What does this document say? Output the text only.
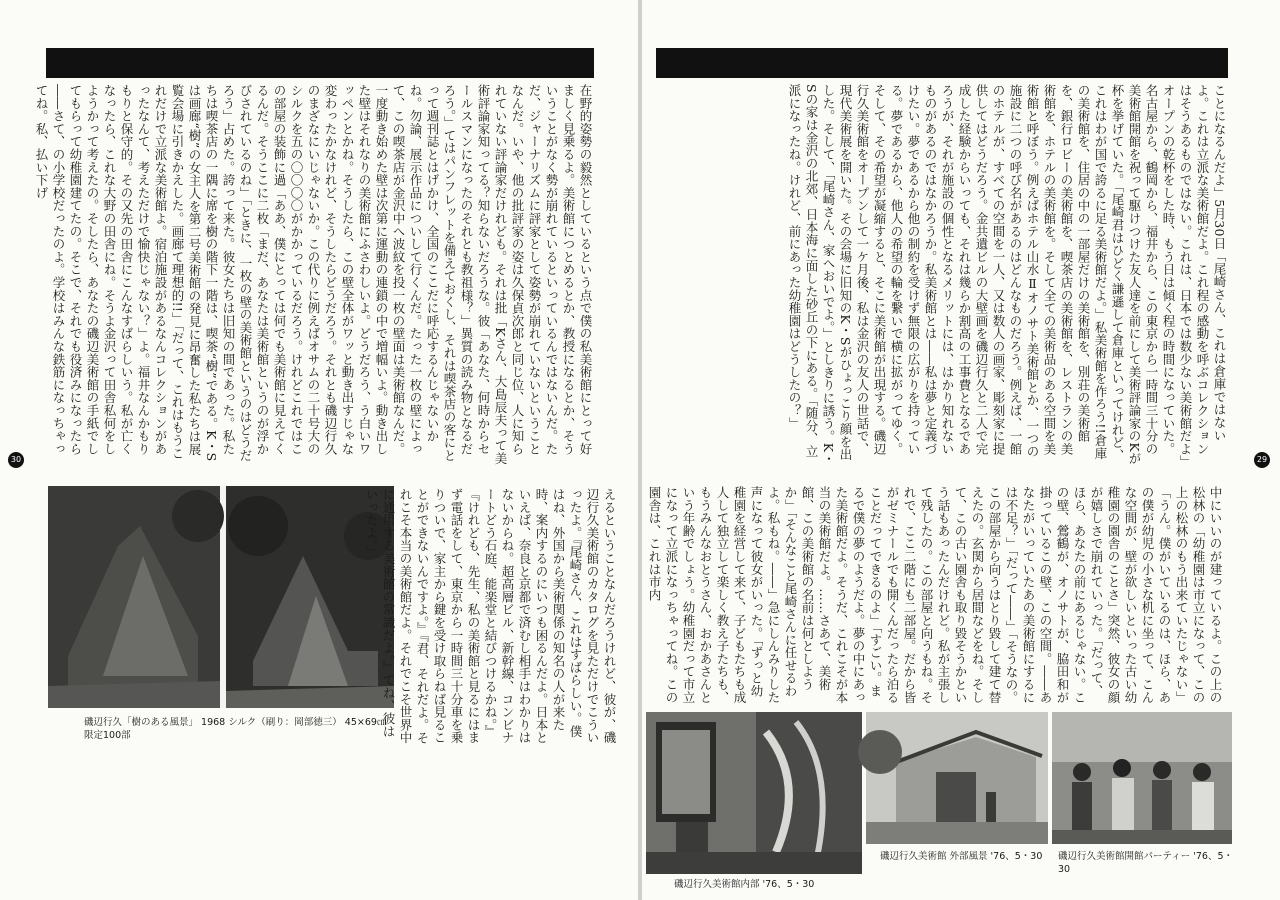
在野的姿勢の毅然としているという点で僕の私美術館にとって好ましく見乗るよ。美術館につとめるとか、教授になるとか、そういうことがなく勢が崩れているといっているんではないんだ。ただ、ジャーナリズムに評家として姿勢が崩れていないということなんだ。いや、他の批評家の姿は久保貞次郎と同じ位、人に知られていない評論家だけれども。それは批「Kさん、大島辰夫って美術評論家知ってる？知らないだろうな。彼「あなた、何時からセールスマンになったのそれとも教祖様？」異質の読み物となるだろう。」てはパンフレットを備えておくし、それは喫茶店の客にとって週刊誌とはげかけ、全国のここだに呼応するんじゃないかね。勿論、展示作品についして行くんだ。たった一枚の壁によって、この喫茶店が金沢中へ波紋を投一枚の壁面は美術館なんだ。一度動き始めた壁は次第に運動の連鎖の中で増幅いよ。動き出した壁はそれなりの美術館にふさわしいよ。どうだろう、う白いワッペンとかね。そうしたら、この壁全体がワッと動き出すじゃな変わったかなけれど、そうしたらどうだろう。それとも磯辺行久のまざなにいじゃないか。この代りに例えばオサムの二十号大のシルクを五の〇〇〇〇がかかっているだろう。けれどこれではこの部屋の装飾に過「ああ、僕にとっては何でも美術館に見えてくるんだ。そうここに二枚「まだ、あなたは美術館というのが浮かびされているのね」「ときに、一枚の壁の美術館というのはどうだろう」占めた。誇って来た。彼女たちは旧知の間であった。私たちは喫茶店の一隅に席を樹の階下一階は、喫茶“樹”である。K・Sは画廊“樹”の女主人を第二号美術館の発見に昂奮した私たちは展覧会場に引きかえした。画廊て理想的!!」「だって、これはもうこれだけで立派な美術館よ。宿泊施設があるなんコレクションがあったなんて、考えただけで愉快じゃない？」よ。福井なんかもりもりと保守的。その又先の田舎にこんなすばらしいう。私が亡くなったら、これな大野の田舎にね。そうよ金沢って田舎私何をしようかって考えたの。そしたら、あなたの磯辺美術館の手紙でしてもらって幼稚園建てたの。そこで、それでも役済みになったら――さて、の小学校だったのよ。学校はみんな鉄筋になっちゃってね。私、払い下げ

30
磯辺行久「樹のある風景」 1968 シルク（刷り：岡部徳三） 45×69㎝
限定100部	えるということなんだろうけれど、彼が、磯辺行久美術館のカタログを見ただけでこういったよ。『尾崎さん、これはすばらしい。僕はね、外国から美術関係の知名の人が来た時、案内するのにいつも困るんだよ。日本といえば、奈良と京都で済むし相手はわかりはないからね。超高層ビル、新幹線、コンビナートどう石庭、能楽堂と結びつけるかね。』『けれども、先生、私の美術館と見るにはまず電話をして、東京から一時間三十分車を乗りついで、家主から鍵を受け取らねば見ることができないんですよ。』『君、それだよ。それこそ本当の美術館だよ。それでこそ世界中に通用する美術館の常識だよ。』てね、彼はいったよ。」

ことになるんだよ」5月30日「尾崎さん、これは倉庫ではないよ。これは立派な美術館だよ。これ程の感動を呼ぶコレクションはそうあるものではない。これは、日本では数少ない美術館だよ」オープンの乾杯をした時、もう日は傾く程の時間になっていた。名古屋から、鶴岡から、福井から、この東京から一時間三十分の美術館開館を祝って駆けつけた友人達を前にして美術評論家のKが杯を挙げていた。「尾崎君はひどく謙遜して倉庫といってけれど、これはわが国で誇るに足る美術館だよ。」私美術館を作ろう!!倉庫の美術館を、住居の中の一部屋だけの美術館を、別荘の美術館を、銀行ロビーの美術館を、喫茶店の美術館を、レストランの美術館を、ホテルの美術館を。そして全ての美術品のある空間を美術館と呼ぼう。例えばホテル山水Ⅱオノサト美術館とか、一つの施設に二つの呼び名があるのはどんなものだろう。例えば、一館のホテルが、すべての空間を一人、又は数人の画家、彫刻家に提供してはどうだろう。金共遺ビルの大壁画を磯辺行久と二人で完成した経験からいっても、それは幾らか割高の工事費となるであろうが、それが施設の個性となるメリットには、はかり知れないものがあるのではなかろうか。私美術館とは――私は夢と定義づけたい。夢であるから他の制約を受けず無限の広がりを持っている。夢であるから、他人の希望の輪を繋いで横に拡がってゆく。そして、その希望が凝縮すると、そこに美術館が出現する。磯辺行久美術館をオープンして一ケ月後、私は金沢の友人の世話で、現代美術展を開いた。その会場に旧知のK・Sがひょっこり顔を出した。そして、「尾崎さん、家へおいでよ。」としきりに誘う。K・Sの家は金沢の北郊、日本海に面した砂丘の下にある。「随分、立派になったね。けれど、前にあった幼稚園はどうしたの？」

29

中にいいのが建っているよ。この上の松林の「幼稚園は市立になって、この上の松林のもう出来ていたじゃない」「うん。僕がいているのは、ほら、あの僕が幼児の小さな机に坐って、こんな空間が、壁が欲しいといった古い幼稚園の園舎のことさ」突然、彼女の顔が嬉しさで崩れていった。「だって、ほら、あなたの前にあるじゃない。この壁、鶯鶴が、オノサトが、脇田和が掛っているこの壁、この空間。――あなたがいっていたあの美術館にするには不足？」「だって――」「そうなの。この部屋から向うはとり毀して建て替えたの。玄関から居間などをね。そして、この古い園舎も取り毀そうかという話もあったんだけれど。私が主張して残したの。この部屋と向うもね。それで、ここ二階にも二部屋。だから皆がゼミナールでも開くんだったら泊ることだってできるのよ」「すごい。まるで僕の夢のようだよ。夢の中にあった美術館だよ。そうだ、これこそが本当の美術館だよ。……さあて、美術館、この美術館の名前は何としようか」「そんなこと尾崎さんに任せるわよ。私もね。――」急にしんみりした声になって彼女がいった。「ずっと幼稚園を経営して来て、子どもたちも成人して独立して楽しく教え子たちも、もうみんなおとうさん、おかあさんという年齢でしょう。幼稚園だって市立になって立派になっちゃってね。この園舎は、これは市内

磯辺行久美術館内部 '76、5・30
磯辺行久美術館 外部風景 '76、5・30	磯辺行久美術館開館パーティー '76、5・30
